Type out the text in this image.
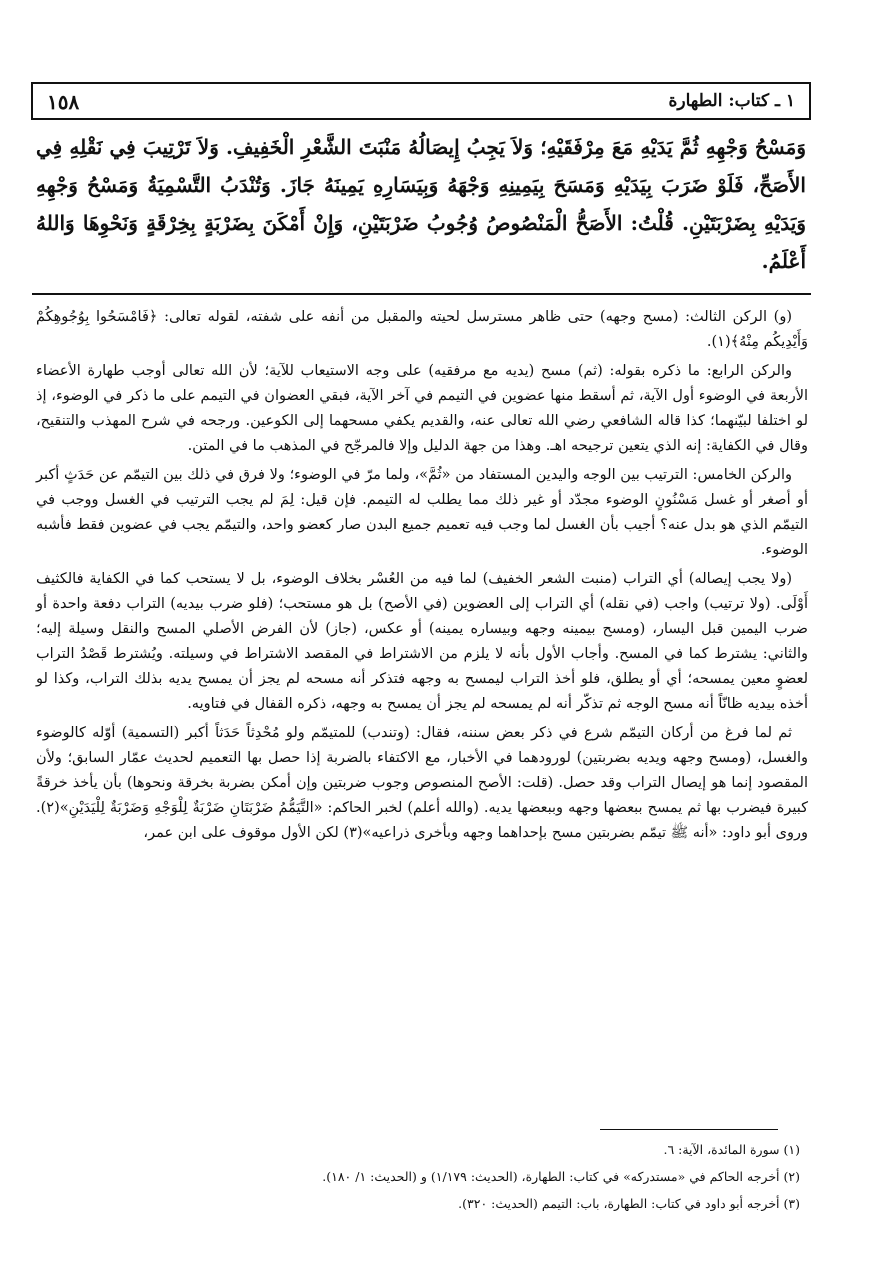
١٥٨	١ ـ كتاب: الطهارة
وَمَسْحُ وَجْهِهِ ثُمَّ يَدَيْهِ مَعَ مِرْفَقَيْهِ؛ وَلاَ يَجِبُ إِيصَالُهُ مَنْبَتَ الشَّعْرِ الْخَفِيفِ. وَلاَ تَرْتِيبَ فِي نَقْلِهِ فِي الأَصَحِّ، فَلَوْ ضَرَبَ بِيَدَيْهِ وَمَسَحَ بِيَمِينِهِ وَجْهَهُ وَبِيَسَارِهِ يَمِينَهُ جَازَ. وَتُنْدَبُ التَّسْمِيَةُ وَمَسْحُ وَجْهِهِ وَيَدَيْهِ بِضَرْبَتَيْنِ. قُلْتُ: الأَصَحُّ الْمَنْصُوصُ وُجُوبُ ضَرْبَتَيْنِ، وَإِنْ أَمْكَنَ بِضَرْبَةٍ بِخِرْقَةٍ وَنَحْوِهَا وَاللهُ أَعْلَمُ.

(و) الركن الثالث: (مسح وجهه) حتى ظاهر مسترسل لحيته والمقبل من أنفه على شفته، لقوله تعالى: ﴿فَامْسَحُوا بِوُجُوهِكُمْ وَأَيْدِيكُم مِنْهُ﴾(١).

والركن الرابع: ما ذكره بقوله: (ثم) مسح (يديه مع مرفقيه) على وجه الاستيعاب للآية؛ لأن الله تعالى أوجب طهارة الأعضاء الأربعة في الوضوء أول الآية، ثم أسقط منها عضوين في التيمم في آخر الآية، فبقي العضوان في التيمم على ما ذكر في الوضوء، إذ لو اختلفا لبيّنهما؛ كذا قاله الشافعي رضي الله تعالى عنه، والقديم يكفي مسحهما إلى الكوعين. ورجحه في شرح المهذب والتنقيح، وقال في الكفاية: إنه الذي يتعين ترجيحه اهـ. وهذا من جهة الدليل وإلا فالمرجّح في المذهب ما في المتن.

والركن الخامس: الترتيب بين الوجه واليدين المستفاد من «ثُمَّ»، ولما مرّ في الوضوء؛ ولا فرق في ذلك بين التيمّم عن حَدَثٍ أكبر أو أصغر أو غسل مَسْنُونٍ الوضوء مجدّد أو غير ذلك مما يطلب له التيمم. فإن قيل: لِمَ لم يجب الترتيب في الغسل ووجب في التيمّم الذي هو بدل عنه؟ أجيب بأن الغسل لما وجب فيه تعميم جميع البدن صار كعضو واحد، والتيمّم يجب في عضوين فقط فأشبه الوضوء.

(ولا يجب إيصاله) أي التراب (منبت الشعر الخفيف) لما فيه من العُسْر بخلاف الوضوء، بل لا يستحب كما في الكفاية فالكثيف أَوْلَى. (ولا ترتيب) واجب (في نقله) أي التراب إلى العضوين (في الأصح) بل هو مستحب؛ (فلو ضرب بيديه) التراب دفعة واحدة أو ضرب اليمين قبل اليسار، (ومسح بيمينه وجهه وبيساره يمينه) أو عكس، (جاز) لأن الفرض الأصلي المسح والنقل وسيلة إليه؛ والثاني: يشترط كما في المسح. وأجاب الأول بأنه لا يلزم من الاشتراط في المقصد الاشتراط في وسيلته. ويُشترط قَصْدُ التراب لعضوٍ معين يمسحه؛ أي أو يطلق، فلو أخذ التراب ليمسح به وجهه فتذكر أنه مسحه لم يجز أن يمسح يديه بذلك التراب، وكذا لو أخذه بيديه ظانّاً أنه مسح الوجه ثم تذكّر أنه لم يمسحه لم يجز أن يمسح به وجهه، ذكره القفال في فتاويه.

ثم لما فرغ من أركان التيمّم شرع في ذكر بعض سننه، فقال: (وتندب) للمتيمّم ولو مُحْدِثاً حَدَثاً أكبر (التسمية) أوّله كالوضوء والغسل، (ومسح وجهه ويديه بضربتين) لورودهما في الأخبار، مع الاكتفاء بالضربة إذا حصل بها التعميم لحديث عمّار السابق؛ ولأن المقصود إنما هو إيصال التراب وقد حصل. (قلت: الأصح المنصوص وجوب ضربتين وإن أمكن بضربة بخرقة ونحوها) بأن يأخذ خرقةً كبيرة فيضرب بها ثم يمسح ببعضها وجهه وببعضها يديه. (والله أعلم) لخبر الحاكم: «التَّيَمُّمُ ضَرْبَتَانِ ضَرْبَةٌ لِلْوَجْهِ وَضَرْبَةٌ لِلْيَدَيْنِ»(٢). وروى أبو داود: «أنه ﷺ تيمّم بضربتين مسح بإحداهما وجهه وبأخرى ذراعيه»(٣) لكن الأول موقوف على ابن عمر،

(١) سورة المائدة، الآية: ٦.
(٢) أخرجه الحاكم في «مستدركه» في كتاب: الطهارة، (الحديث: ١/١٧٩) و (الحديث: ١/ ١٨٠).
(٣) أخرجه أبو داود في كتاب: الطهارة، باب: التيمم (الحديث: ٣٢٠).
